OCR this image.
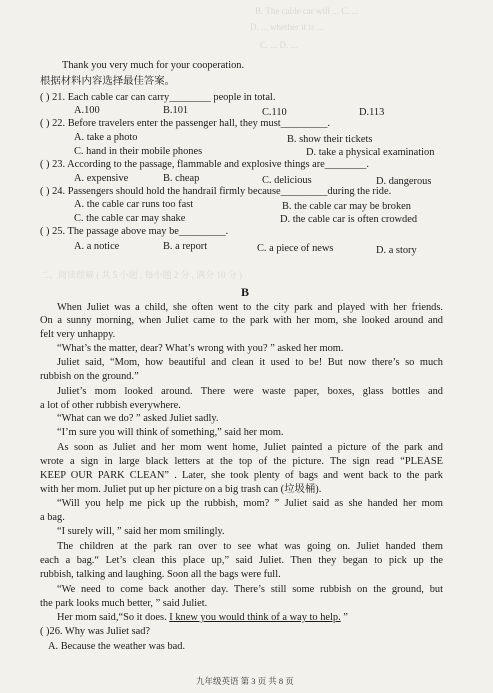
B. The cable car will ... C. ...
D. ... whether it is ...
C. ... D. ...
Thank you very much for your cooperation.
根据材料内容选择最佳答案。
( ) 21. Each cable car can carry________ people in total.
A.100	B.101	C.110	D.113
( ) 22. Before travelers enter the passenger hall, they must_________.
A. take a photo	B. show their tickets
C. hand in their mobile phones	D. take a physical examination
( ) 23. According to the passage, flammable and explosive things are________.
A. expensive	B. cheap	C. delicious	D. dangerous
( ) 24. Passengers should hold the handrail firmly because_________during the ride.
A. the cable car runs too fast	B. the cable car may be broken
C. the cable car may shake	D. the cable car is often crowded
( ) 25. The passage above may be_________.
A. a notice	B. a report	C. a piece of news	D. a story
二、阅读理解 ( 共 5 小题 ; 每小题 2 分 , 满分 10 分 )
B
When Juliet was a child, she often went to the city park and played with her friends.
On a sunny morning, when Juliet came to the park with her mom, she looked around and
felt very unhappy.
“What’s the matter, dear? What’s wrong with you? ” asked her mom.
Juliet said, “Mom, how beautiful and clean it used to be! But now there’s so much
rubbish on the ground.”
Juliet’s mom looked around. There were waste paper, boxes, glass bottles and
a lot of other rubbish everywhere.
“What can we do? ” asked Juliet sadly.
“I’m sure you will think of something,” said her mom.
As soon as Juliet and her mom went home, Juliet painted a picture of the park and
wrote a sign in large black letters at the top of the picture. The sign read “PLEASE
KEEP OUR PARK CLEAN” . Later, she took plenty of bags and went back to the park
with her mom. Juliet put up her picture on a big trash can (垃圾桶).
“Will you help me pick up the rubbish, mom? ” Juliet said as she handed her mom
a bag.
“I surely will, ” said her mom smilingly.
The children at the park ran over to see what was going on. Juliet handed them
each a bag.“ Let’s clean this place up,” said Juliet. Then they began to pick up the
rubbish, talking and laughing. Soon all the bags were full.
“We need to come back another day. There’s still some rubbish on the ground, but
the park looks much better, ” said Juliet.
Her mom said,“So it does. I knew you would think of a way to help. ”
( )26. Why was Juliet sad?
A. Because the weather was bad.
九年级英语 第 3 页 共 8 页
